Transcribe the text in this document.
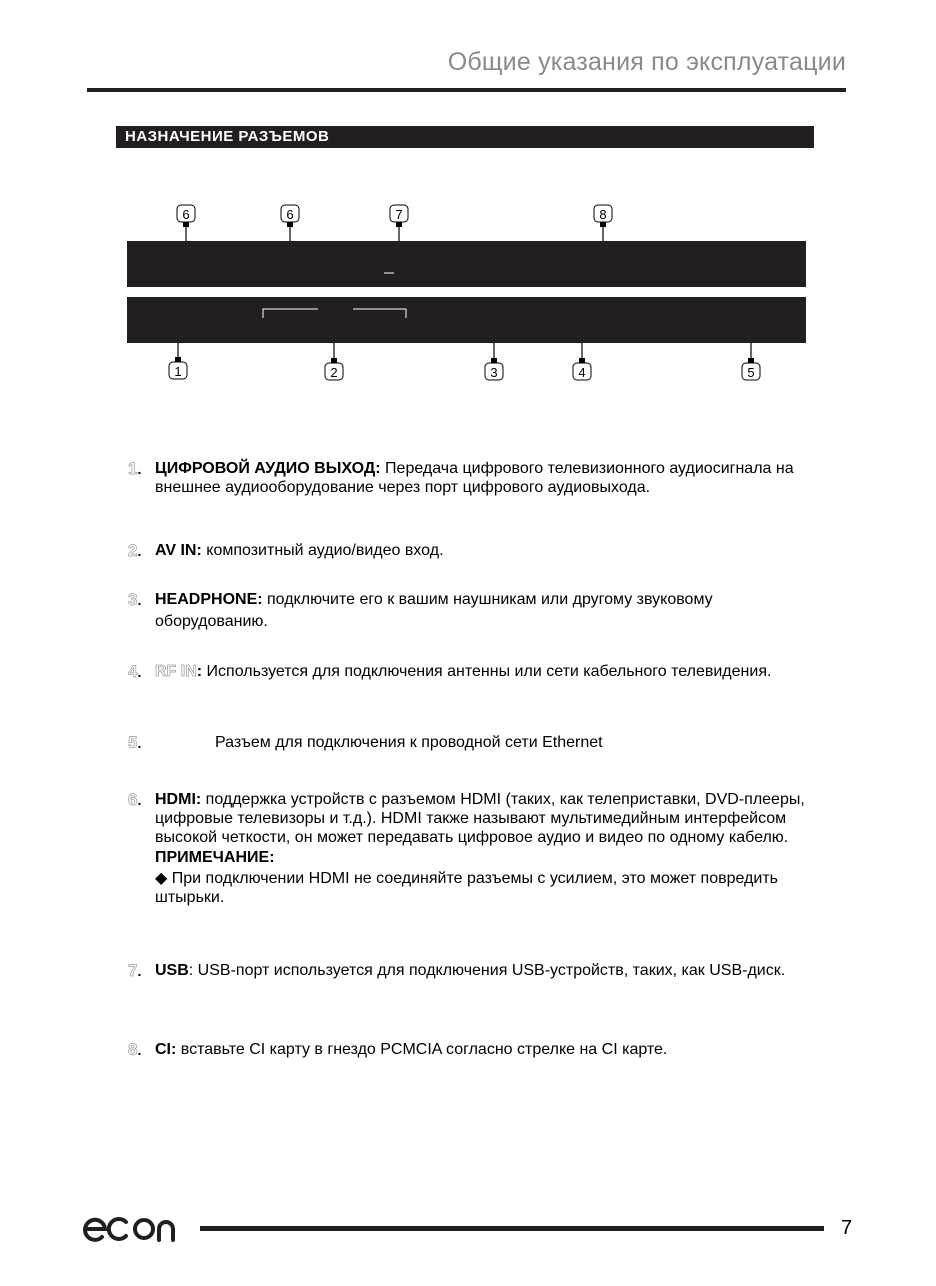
Общие указания по эксплуатации
НАЗНАЧЕНИЕ РАЗЪЕМОВ
6	6	7	8
1	2	3	4	5
1. ЦИФРОВОЙ АУДИО ВЫХОД: Передача цифрового телевизионного аудиосигнала на внешнее аудиооборудование через порт цифрового аудиовыхода.
2. AV IN: композитный аудио/видео вход.
3. HEADPHONE: подключите его к вашим наушникам или другому звуковому оборудованию.
4. RF IN: Используется для подключения антенны или сети кабельного телевидения.
5.	Разъем для подключения к проводной сети Ethernet
6. HDMI: поддержка устройств с разъемом HDMI (таких, как телеприставки, DVD-плееры, цифровые телевизоры и т.д.). HDMI также называют мультимедийным интерфейсом высокой четкости, он может передавать цифровое аудио и видео по одному кабелю.
ПРИМЕЧАНИЕ:
◆ При подключении HDMI не соединяйте разъемы с усилием, это может повредить штырьки.
7. USB: USB-порт используется для подключения USB-устройств, таких, как USB-диск.
8. CI: вставьте CI карту в гнездо PCMCIA согласно стрелке на CI карте.
7
